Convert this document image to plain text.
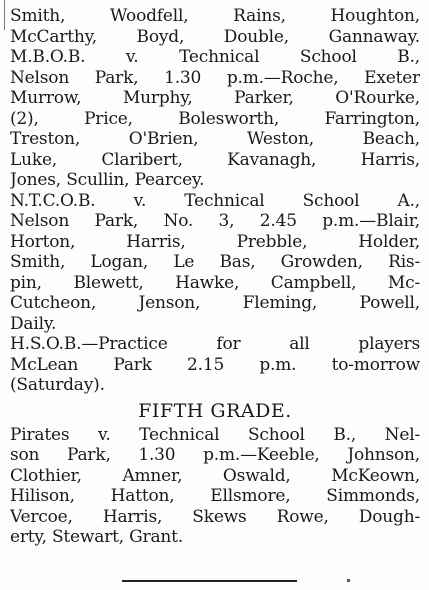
Smith, Woodfell, Rains, Houghton,
McCarthy, Boyd, Double, Gannaway.
M.B.O.B. v. Technical School B.,
Nelson Park, 1.30 p.m.—Roche, Exeter
Murrow, Murphy, Parker, O'Rourke,
(2), Price, Bolesworth, Farrington,
Treston, O'Brien, Weston, Beach,
Luke, Claribert, Kavanagh, Harris,
Jones, Scullin, Pearcey.
N.T.C.O.B. v. Technical School A.,
Nelson Park, No. 3, 2.45 p.m.—Blair,
Horton, Harris, Prebble, Holder,
Smith, Logan, Le Bas, Growden, Ris-
pin, Blewett, Hawke, Campbell, Mc-
Cutcheon, Jenson, Fleming, Powell,
Daily.
H.S.O.B.—Practice for all players
McLean Park 2.15 p.m. to-morrow
(Saturday).
FIFTH GRADE.
Pirates v. Technical School B., Nel-
son Park, 1.30 p.m.—Keeble, Johnson,
Clothier, Amner, Oswald, McKeown,
Hilison, Hatton, Ellsmore, Simmonds,
Vercoe, Harris, Skews Rowe, Dough-
erty, Stewart, Grant.
